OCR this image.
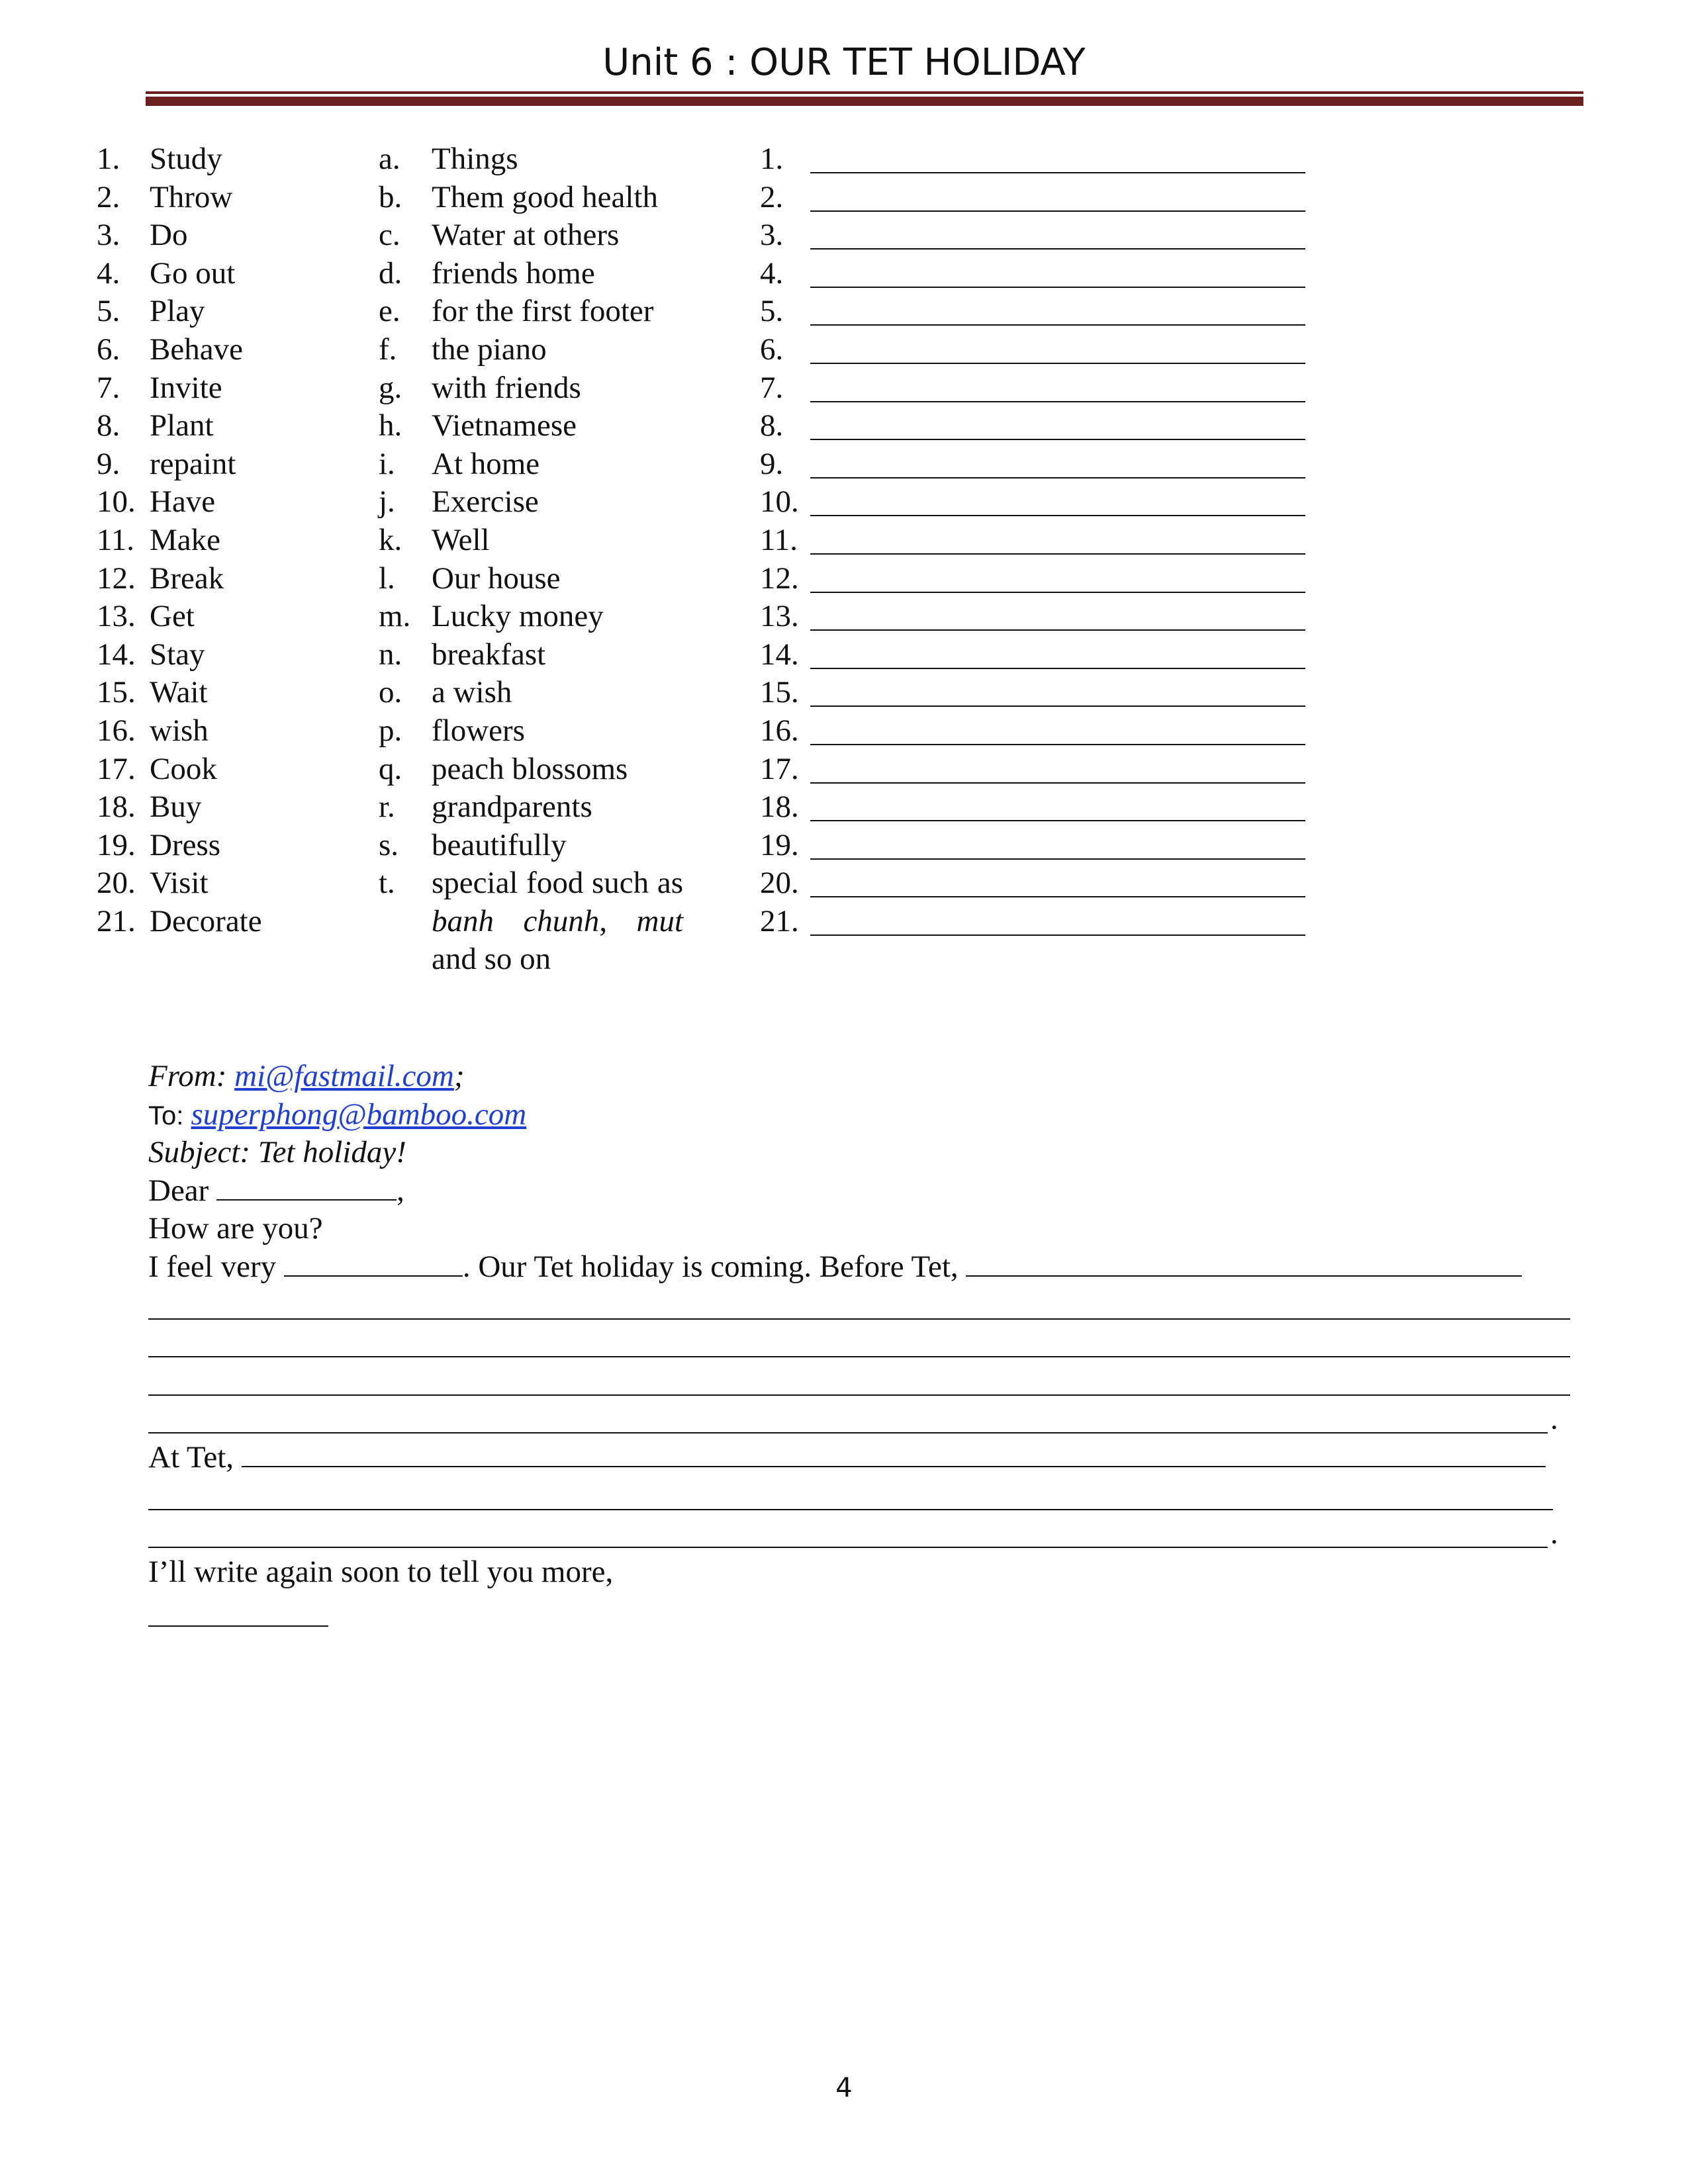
Unit 6 : OUR TET HOLIDAY
1. Study
2. Throw
3. Do
4. Go out
5. Play
6. Behave
7. Invite
8. Plant
9. repaint
10. Have
11. Make
12. Break
13. Get
14. Stay
15. Wait
16. wish
17. Cook
18. Buy
19. Dress
20. Visit
21. Decorate
a. Things
b. Them good health
c. Water at others
d. friends home
e. for the first footer
f. the piano
g. with friends
h. Vietnamese
i. At home
j. Exercise
k. Well
l. Our house
m. Lucky money
n. breakfast
o. a wish
p. flowers
q. peach blossoms
r. grandparents
s. beautifully
t. special food such as banh chunh, mut and so on
1.
2.
3.
4.
5.
6.
7.
8.
9.
10.
11.
12.
13.
14.
15.
16.
17.
18.
19.
20.
21.
From: mi@fastmail.com;
To: superphong@bamboo.com
Subject: Tet holiday!
Dear	,
How are you?
I feel very	. Our Tet holiday is coming. Before Tet,
.
At Tet,
.
I’ll write again soon to tell you more,
4
